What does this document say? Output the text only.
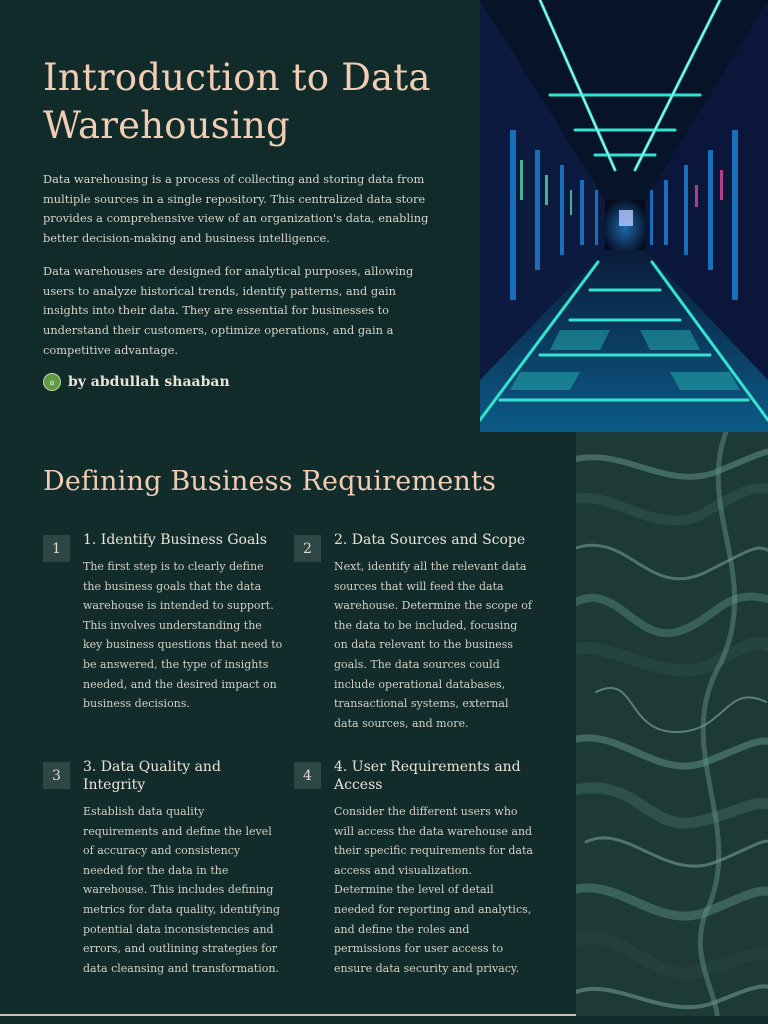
Introduction to Data Warehousing

Data warehousing is a process of collecting and storing data from multiple sources in a single repository. This centralized data store provides a comprehensive view of an organization's data, enabling better decision-making and business intelligence.

Data warehouses are designed for analytical purposes, allowing users to analyze historical trends, identify patterns, and gain insights into their data. They are essential for businesses to understand their customers, optimize operations, and gain a competitive advantage.

a by abdullah shaaban
Defining Business Requirements
1
1. Identify Business Goals

The first step is to clearly define the business goals that the data warehouse is intended to support. This involves understanding the key business questions that need to be answered, the type of insights needed, and the desired impact on business decisions.

2
2. Data Sources and Scope

Next, identify all the relevant data sources that will feed the data warehouse. Determine the scope of the data to be included, focusing on data relevant to the business goals. The data sources could include operational databases, transactional systems, external data sources, and more.

3
3. Data Quality and Integrity

Establish data quality requirements and define the level of accuracy and consistency needed for the data in the warehouse. This includes defining metrics for data quality, identifying potential data inconsistencies and errors, and outlining strategies for data cleansing and transformation.

4
4. User Requirements and Access

Consider the different users who will access the data warehouse and their specific requirements for data access and visualization. Determine the level of detail needed for reporting and analytics, and define the roles and permissions for user access to ensure data security and privacy.
